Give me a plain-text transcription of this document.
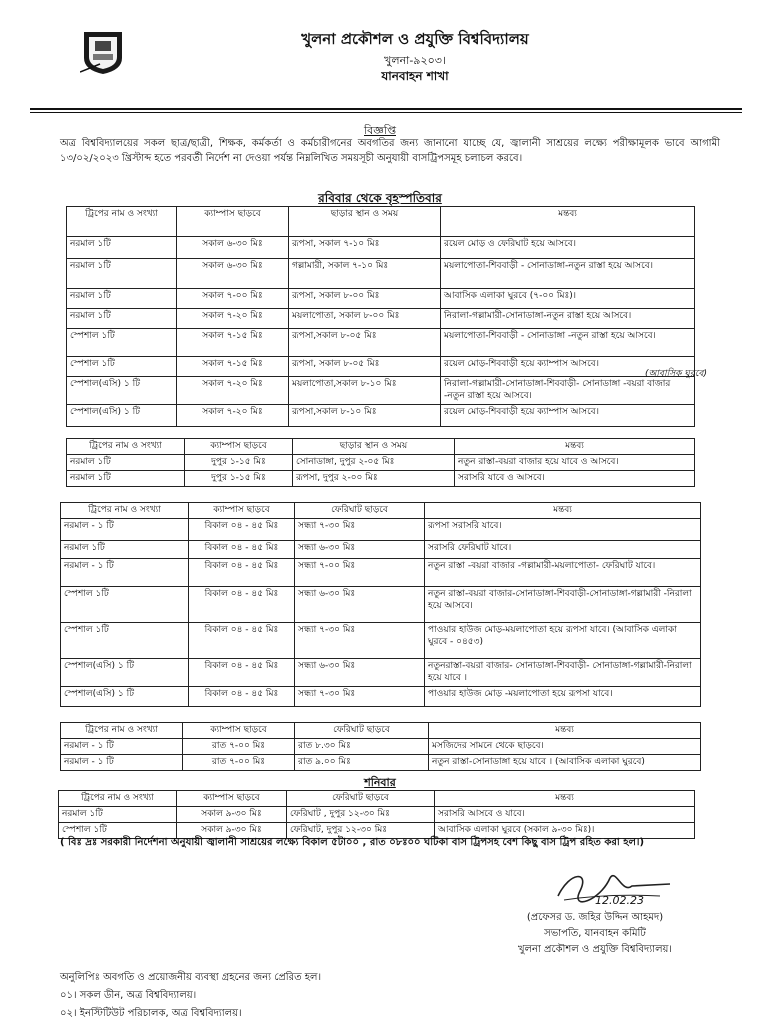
খুলনা প্রকৌশল ও প্রযুক্তি বিশ্ববিদ্যালয়
খুলনা-৯২০৩।
যানবাহন শাখা
বিজ্ঞপ্তি
অত্র বিশ্ববিদ্যালয়ের সকল ছাত্র/ছাত্রী, শিক্ষক, কর্মকর্তা ও কর্মচারীগনের অবগতির জন্য জানানো যাচ্ছে যে, জ্বালানী সাশ্রয়ের লক্ষ্যে পরীক্ষামূলক ভাবে আগামী ১৩/০২/২০২৩ খ্রিস্টাব্দ হতে পরবর্তী নির্দেশ না দেওয়া পর্যন্ত নিম্নলিখিত সময়সূচী অনুযায়ী বাসট্রিপসমূহ চলাচল করবে।
রবিবার থেকে বৃহস্পতিবার
ট্রিপের নাম ও সংখ্যা	ক্যাম্পাস ছাড়বে	ছাড়ার স্থান ও সময়	মন্তব্য
নরমাল ১টি	সকাল ৬-৩০ মিঃ	রূপসা, সকাল ৭-১০ মিঃ	রয়েল মোড় ও ফেরিঘাট হয়ে আসবে।
নরমাল ১টি	সকাল ৬-৩০ মিঃ	গল্লামারী, সকাল ৭-১০ মিঃ	ময়লাপোতা-শিববাড়ী - সোনাডাঙ্গা-নতুন রাস্তা হয়ে আসবে।
নরমাল ১টি	সকাল ৭-০০ মিঃ	রূপসা, সকাল ৮-০০ মিঃ	আবাসিক এলাকা ঘুরবে (৭-০০ মিঃ)।
নরমাল ১টি	সকাল ৭-২০ মিঃ	ময়লাপোতা, সকাল ৮-০০ মিঃ	নিরালা-গল্লামারী-সোনাডাঙ্গা-নতুন রাস্তা হয়ে আসবে।
স্পেশাল ১টি	সকাল ৭-১৫ মিঃ	রূপসা,সকাল ৮-০৫ মিঃ	ময়লাপোতা-শিববাড়ী - সোনাডাঙ্গা -নতুন রাস্তা হয়ে আসবে।
স্পেশাল ১টি	সকাল ৭-১৫ মিঃ	রূপসা, সকাল ৮-০৫ মিঃ	রয়েল মোড়-শিববাড়ী হয়ে ক্যাম্পাস আসবে।
স্পেশাল(এসি) ১ টি	সকাল ৭-২০ মিঃ	ময়লাপোতা,সকাল ৮-১০ মিঃ	নিরালা-গল্লামারী-সোনাডাঙ্গা-শিববাড়ী- সোনাডাঙ্গা -বয়রা বাজার -নতুন রাস্তা হয়ে আসবে।
স্পেশাল(এসি) ১ টি	সকাল ৭-২০ মিঃ	রূপসা,সকাল ৮-১০ মিঃ	রয়েল মোড়-শিববাড়ী হয়ে ক্যাম্পাস আসবে।
(আবাসিক ঘুরবে)
ট্রিপের নাম ও সংখ্যা	ক্যাম্পাস ছাড়বে	ছাড়ার স্থান ও সময়	মন্তব্য
নরমাল ১টি	দুপুর ১-১৫ মিঃ	সোনাডাঙ্গা, দুপুর ২-০৫ মিঃ	নতুন রাস্তা-বয়রা বাজার হয়ে যাবে ও আসবে।
নরমাল ১টি	দুপুর ১-১৫ মিঃ	রূপসা, দুপুর ২-০০ মিঃ	সরাসরি যাবে ও আসবে।
ট্রিপের নাম ও সংখ্যা	ক্যাম্পাস ছাড়বে	ফেরিঘাট ছাড়বে	মন্তব্য
নরমাল - ১ টি	বিকাল ০৪ - ৪৫ মিঃ	সন্ধ্যা ৭-৩০ মিঃ	রূপসা সরাসরি যাবে।
নরমাল ১টি	বিকাল ০৪ - ৪৫ মিঃ	সন্ধ্যা ৬-৩০ মিঃ	সরাসরি ফেরিঘাট যাবে।
নরমাল - ১ টি	বিকাল ০৪ - ৪৫ মিঃ	সন্ধ্যা ৭-০০ মিঃ	নতুন রাস্তা -বয়রা বাজার -গল্লামারী-ময়লাপোতা- ফেরিঘাট যাবে।
স্পেশাল ১টি	বিকাল ০৪ - ৪৫ মিঃ	সন্ধ্যা ৬-৩০ মিঃ	নতুন রাস্তা-বয়রা বাজার-সোনাডাঙ্গা-শিববাড়ী-সোনাডাঙ্গা-গল্লামারী -নিরালা হয়ে আসবে।
স্পেশাল ১টি	বিকাল ০৪ - ৪৫ মিঃ	সন্ধ্যা ৭-৩০ মিঃ	পাওয়ার হাউজ মোড়-ময়লাপোতা হয়ে রূপসা যাবে। (আবাসিক এলাকা ঘুরবে - ০৪৫৩)
স্পেশাল(এসি) ১ টি	বিকাল ০৪ - ৪৫ মিঃ	সন্ধ্যা ৬-৩০ মিঃ	নতুনরাস্তা-বয়রা বাজার- সোনাডাঙ্গা-শিববাড়ী- সোনাডাঙ্গা-গল্লামারী-নিরালা হয়ে যাবে ।
স্পেশাল(এসি) ১ টি	বিকাল ০৪ - ৪৫ মিঃ	সন্ধ্যা ৭-৩০ মিঃ	পাওয়ার হাউজ মোড় -ময়লাপোতা হয়ে রূপসা যাবে।
ট্রিপের নাম ও সংখ্যা	ক্যাম্পাস ছাড়বে	ফেরিঘাট ছাড়বে	মন্তব্য
নরমাল - ১ টি	রাত ৭-০০ মিঃ	রাত ৮.৩০ মিঃ	মসজিদের সামনে থেকে ছাড়বে।
নরমাল - ১ টি	রাত ৭-০০ মিঃ	রাত ৯.০০ মিঃ	নতুন রাস্তা-সোনাডাঙ্গা হয়ে যাবে । (আবাসিক এলাকা ঘুরবে)
শনিবার
ট্রিপের নাম ও সংখ্যা	ক্যাম্পাস ছাড়বে	ফেরিঘাট ছাড়বে	মন্তব্য
নরমাল ১টি	সকাল ৯-৩০ মিঃ	ফেরিঘাট , দুপুর ১২-৩০ মিঃ	সরাসরি আসবে ও যাবে।
স্পেশাল ১টি	সকাল ৯-৩০ মিঃ	ফেরিঘাট, দুপুর ১২-৩০ মিঃ	আবাসিক এলাকা ঘুরবে (সকাল ৯-৩০ মিঃ)।
( বিঃ দ্রঃ সরকারী নির্দেশনা অনুযায়ী জ্বালানী সাশ্রয়ের লক্ষ্যে বিকাল ৫টা০০ , রাত ০৮ঃ০০ ঘটিকা বাস ট্রিপসহ বেশ কিছু বাস ট্রিপ রহিত করা হল।)
12.02.23
(প্রফেসর ড. জহির উদ্দিন আহমদ)
সভাপতি, যানবাহন কমিটি
খুলনা প্রকৌশল ও প্রযুক্তি বিশ্ববিদ্যালয়।
অনুলিপিঃ অবগতি ও প্রয়োজনীয় ব্যবস্থা গ্রহনের জন্য প্রেরিত হল।
০১। সকল ডীন, অত্র বিশ্ববিদ্যালয়।
০২। ইনস্টিটিউট পরিচালক, অত্র বিশ্ববিদ্যালয়।
